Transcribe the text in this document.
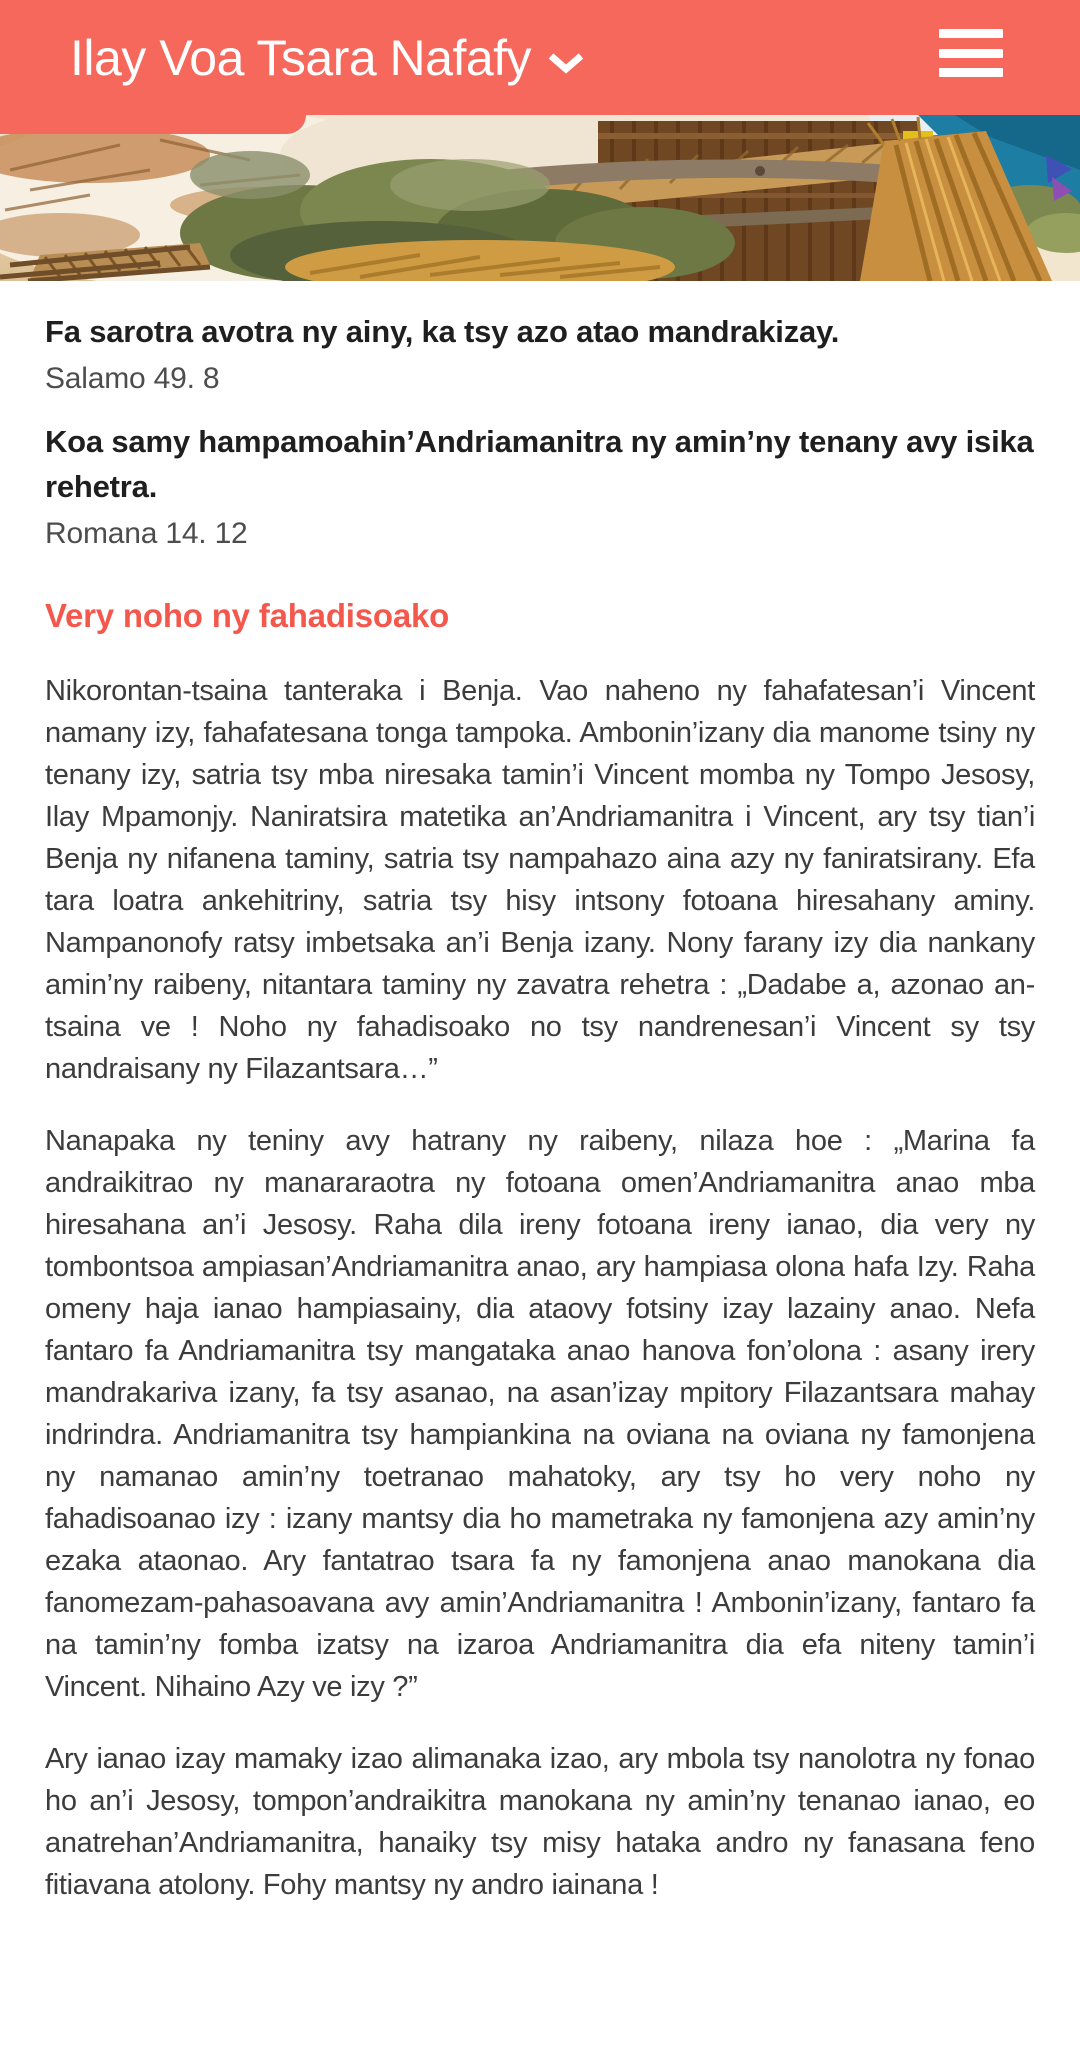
Ilay Voa Tsara Nafafy

Fa sarotra avotra ny ainy, ka tsy azo atao mandrakizay.

Salamo 49. 8

Koa samy hampamoahin’Andriamanitra ny amin’ny tenany avy isika rehetra.

Romana 14. 12

Very noho ny fahadisoako

Nikorontan-tsaina tanteraka i Benja. Vao naheno ny fahafatesan’i Vincent namany izy, fahafatesana tonga tampoka. Ambonin’izany dia manome tsiny ny tenany izy, satria tsy mba niresaka tamin’i Vincent momba ny Tompo Jesosy, Ilay Mpamonjy. Naniratsira matetika an’Andriamanitra i Vincent, ary tsy tian’i Benja ny nifanena taminy, satria tsy nampahazo aina azy ny faniratsirany. Efa tara loatra ankehitriny, satria tsy hisy intsony fotoana hiresahany aminy. Nampanonofy ratsy imbetsaka an’i Benja izany. Nony farany izy dia nankany amin’ny raibeny, nitantara taminy ny zavatra rehetra : „Dadabe a, azonao an-tsaina ve ! Noho ny fahadisoako no tsy nandrenesan’i Vincent sy tsy nandraisany ny Filazantsara…”

Nanapaka ny teniny avy hatrany ny raibeny, nilaza hoe : „Marina fa andraikitrao ny manararaotra ny fotoana omen’Andriamanitra anao mba hiresahana an’i Jesosy. Raha dila ireny fotoana ireny ianao, dia very ny tombontsoa ampiasan’Andriamanitra anao, ary hampiasa olona hafa Izy. Raha omeny haja ianao hampiasainy, dia ataovy fotsiny izay lazainy anao. Nefa fantaro fa Andriamanitra tsy mangataka anao hanova fon’olona : asany irery mandrakariva izany, fa tsy asanao, na asan’izay mpitory Filazantsara mahay indrindra. Andriamanitra tsy hampiankina na oviana na oviana ny famonjena ny namanao amin’ny toetranao mahatoky, ary tsy ho very noho ny fahadisoanao izy : izany mantsy dia ho mametraka ny famonjena azy amin’ny ezaka ataonao. Ary fantatrao tsara fa ny famonjena anao manokana dia fanomezam-pahasoavana avy amin’Andriamanitra ! Ambonin’izany, fantaro fa na tamin’ny fomba izatsy na izaroa Andriamanitra dia efa niteny tamin’i Vincent. Nihaino Azy ve izy ?”

Ary ianao izay mamaky izao alimanaka izao, ary mbola tsy nanolotra ny fonao ho an’i Jesosy, tompon’andraikitra manokana ny amin’ny tenanao ianao, eo anatrehan’Andriamanitra, hanaiky tsy misy hataka andro ny fanasana feno fitiavana atolony. Fohy mantsy ny andro iainana !
